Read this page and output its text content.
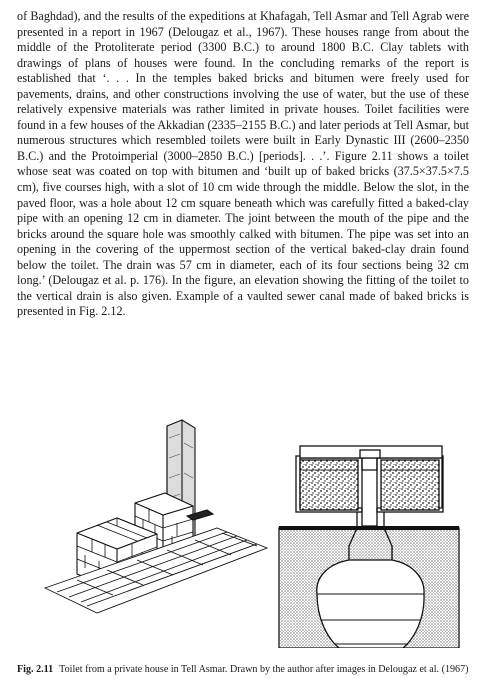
of Baghdad), and the results of the expeditions at Khafagah, Tell Asmar and Tell Agrab were presented in a report in 1967 (Delougaz et al., 1967). These houses range from about the middle of the Protoliterate period (3300 B.C.) to around 1800 B.C. Clay tablets with drawings of plans of houses were found. In the concluding remarks of the report is established that ‘. . . In the temples baked bricks and bitumen were freely used for pavements, drains, and other constructions involving the use of water, but the use of these relatively expensive materials was rather limited in private houses. Toilet facilities were found in a few houses of the Akkadian (2335–2155 B.C.) and later periods at Tell Asmar, but numerous structures which resembled toilets were built in Early Dynastic III (2600–2350 B.C.) and the Protoimperial (3000–2850 B.C.) [periods]. . .’. Figure 2.11 shows a toilet whose seat was coated on top with bitumen and ‘built up of baked bricks (37.5×37.5×7.5 cm), five courses high, with a slot of 10 cm wide through the middle. Below the slot, in the paved floor, was a hole about 12 cm square beneath which was carefully fitted a baked-clay pipe with an opening 12 cm in diameter. The joint between the mouth of the pipe and the bricks around the square hole was smoothly calked with bitumen. The pipe was set into an opening in the covering of the uppermost section of the vertical baked-clay drain found below the toilet. The drain was 57 cm in diameter, each of its four sections being 32 cm long.’ (Delougaz et al. p. 176). In the figure, an elevation showing the fitting of the toilet to the vertical drain is also given. Example of a vaulted sewer canal made of baked bricks is presented in Fig. 2.12.

Fig. 2.11 Toilet from a private house in Tell Asmar. Drawn by the author after images in Delougaz et al. (1967)
